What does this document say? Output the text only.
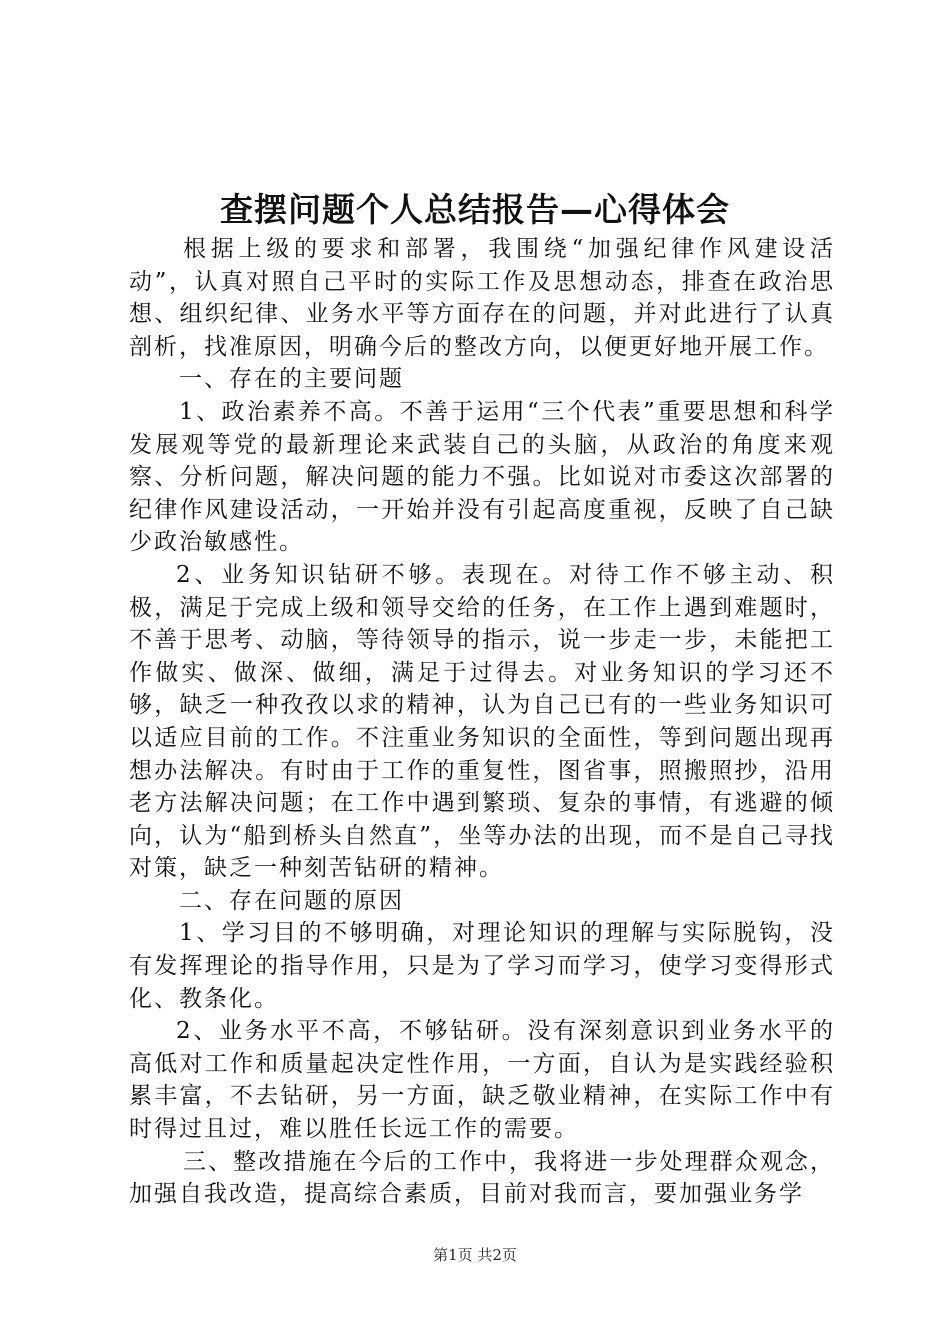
查摆问题个人总结报告—心得体会

根据上级的要求和部署，我围绕“加强纪律作风建设活动”，认真对照自己平时的实际工作及思想动态，排查在政治思想、组织纪律、业务水平等方面存在的问题，并对此进行了认真剖析，找准原因，明确今后的整改方向，以便更好地开展工作。

一、存在的主要问题

1、政治素养不高。不善于运用“三个代表”重要思想和科学发展观等党的最新理论来武装自己的头脑，从政治的角度来观察、分析问题，解决问题的能力不强。比如说对市委这次部署的纪律作风建设活动，一开始并没有引起高度重视，反映了自己缺少政治敏感性。

2、业务知识钻研不够。表现在。对待工作不够主动、积极，满足于完成上级和领导交给的任务，在工作上遇到难题时，不善于思考、动脑，等待领导的指示，说一步走一步，未能把工作做实、做深、做细，满足于过得去。对业务知识的学习还不够，缺乏一种孜孜以求的精神，认为自己已有的一些业务知识可以适应目前的工作。不注重业务知识的全面性，等到问题出现再想办法解决。有时由于工作的重复性，图省事，照搬照抄，沿用老方法解决问题；在工作中遇到繁琐、复杂的事情，有逃避的倾向，认为“船到桥头自然直”，坐等办法的出现，而不是自己寻找对策，缺乏一种刻苦钻研的精神。

二、存在问题的原因

1、学习目的不够明确，对理论知识的理解与实际脱钩，没有发挥理论的指导作用，只是为了学习而学习，使学习变得形式化、教条化。

2、业务水平不高，不够钻研。没有深刻意识到业务水平的高低对工作和质量起决定性作用，一方面，自认为是实践经验积累丰富，不去钻研，另一方面，缺乏敬业精神，在实际工作中有时得过且过，难以胜任长远工作的需要。

三、整改措施在今后的工作中，我将进一步处理群众观念，加强自我改造，提高综合素质，目前对我而言，要加强业务学

第1页 共2页
